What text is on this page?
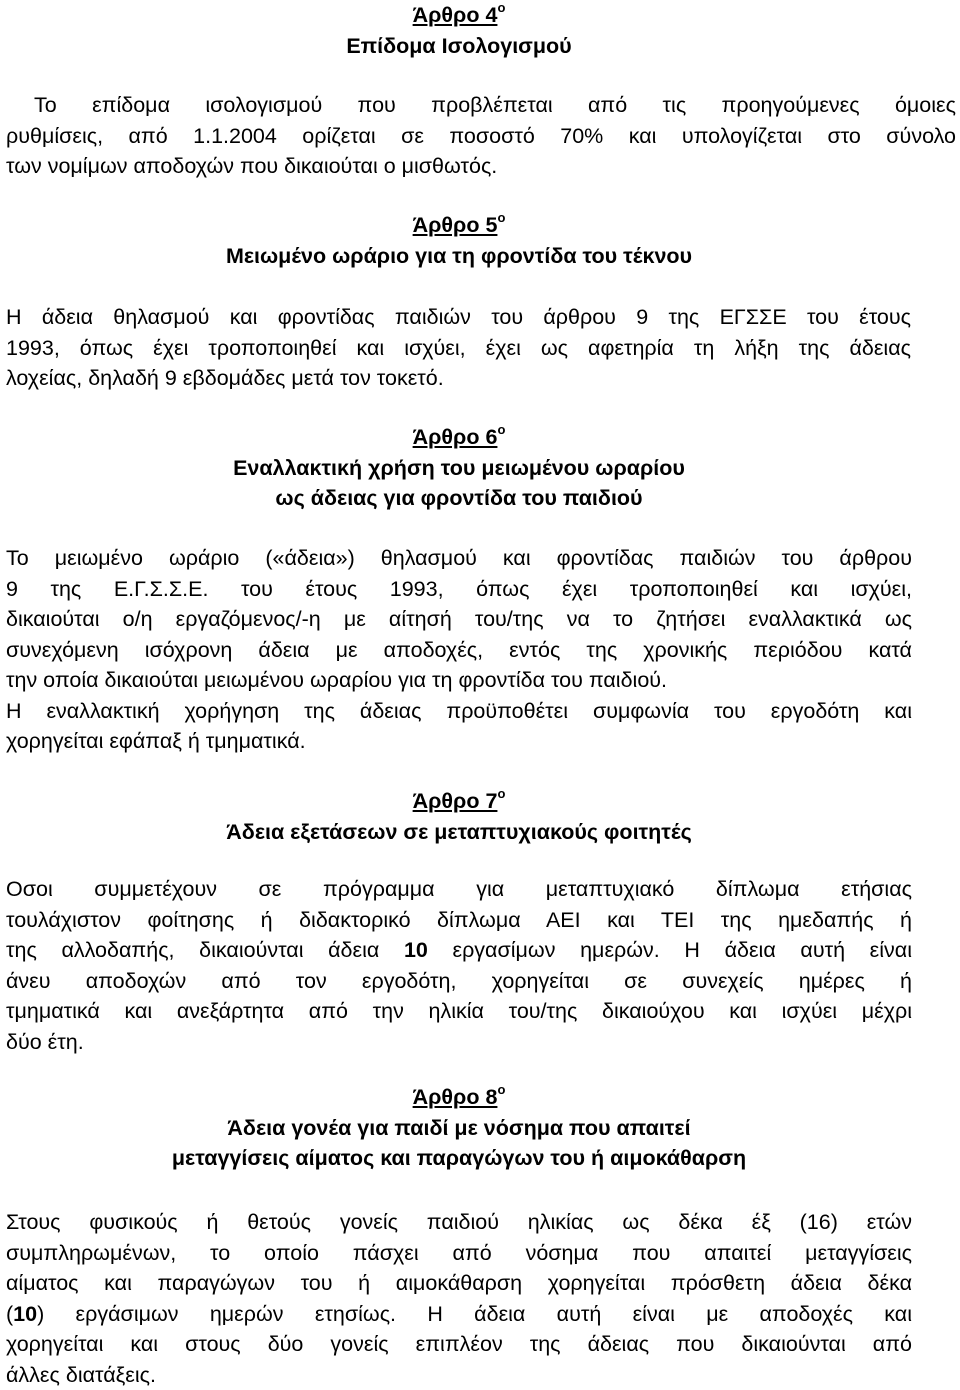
Άρθρο $4^o$
Επίδομα Ισολογισμού
Το επίδομα ισολογισμού που προβλέπεται από τις προηγούμενες όμοιες
ρυθμίσεις, από 1.1.2004 ορίζεται σε ποσοστό 70% και υπολογίζεται στο σύνολο
των νομίμων αποδοχών που δικαιούται ο μισθωτός.
Άρθρο $5^o$
Μειωμένο ωράριο για τη φροντίδα του τέκνου
Η άδεια θηλασμού και φροντίδας παιδιών του άρθρου 9 της ΕΓΣΣΕ του έτους
1993, όπως έχει τροποποιηθεί και ισχύει, έχει ως αφετηρία τη λήξη της άδειας
λοχείας, δηλαδή 9 εβδομάδες μετά τον τοκετό.
Άρθρο $6^o$
Εναλλακτική χρήση του μειωμένου ωραρίου
ως άδειας για φροντίδα του παιδιού
Το μειωμένο ωράριο («άδεια») θηλασμού και φροντίδας παιδιών του άρθρου
9 της Ε.Γ.Σ.Σ.Ε. του έτους 1993, όπως έχει τροποποιηθεί και ισχύει,
δικαιούται ο/η εργαζόμενος/-η με αίτησή του/της να το ζητήσει εναλλακτικά ως
συνεχόμενη ισόχρονη άδεια με αποδοχές, εντός της χρονικής περιόδου κατά
την οποία δικαιούται μειωμένου ωραρίου για τη φροντίδα του παιδιού.
Η εναλλακτική χορήγηση της άδειας προϋποθέτει συμφωνία του εργοδότη και
χορηγείται εφάπαξ ή τμηματικά.
Άρθρο $7^o$
Άδεια εξετάσεων σε μεταπτυχιακούς φοιτητές
Οσοι συμμετέχουν σε πρόγραμμα για μεταπτυχιακό δίπλωμα ετήσιας
τουλάχιστον φοίτησης ή διδακτορικό δίπλωμα ΑΕΙ και ΤΕΙ της ημεδαπής ή
της αλλοδαπής, δικαιούνται άδεια 10 εργασίμων ημερών. Η άδεια αυτή είναι
άνευ αποδοχών από τον εργοδότη, χορηγείται σε συνεχείς ημέρες ή
τμηματικά και ανεξάρτητα από την ηλικία του/της δικαιούχου και ισχύει μέχρι
δύο έτη.
Άρθρο $8^o$
Άδεια γονέα για παιδί με νόσημα που απαιτεί
μεταγγίσεις αίματος και παραγώγων του ή αιμοκάθαρση
Στους φυσικούς ή θετούς γονείς παιδιού ηλικίας ως δέκα έξ (16) ετών
συμπληρωμένων, το οποίο πάσχει από νόσημα που απαιτεί μεταγγίσεις
αίματος και παραγώγων του ή αιμοκάθαρση χορηγείται πρόσθετη άδεια δέκα
(10) εργάσιμων ημερών ετησίως. Η άδεια αυτή είναι με αποδοχές και
χορηγείται και στους δύο γονείς επιπλέον της άδειας που δικαιούνται από
άλλες διατάξεις.
